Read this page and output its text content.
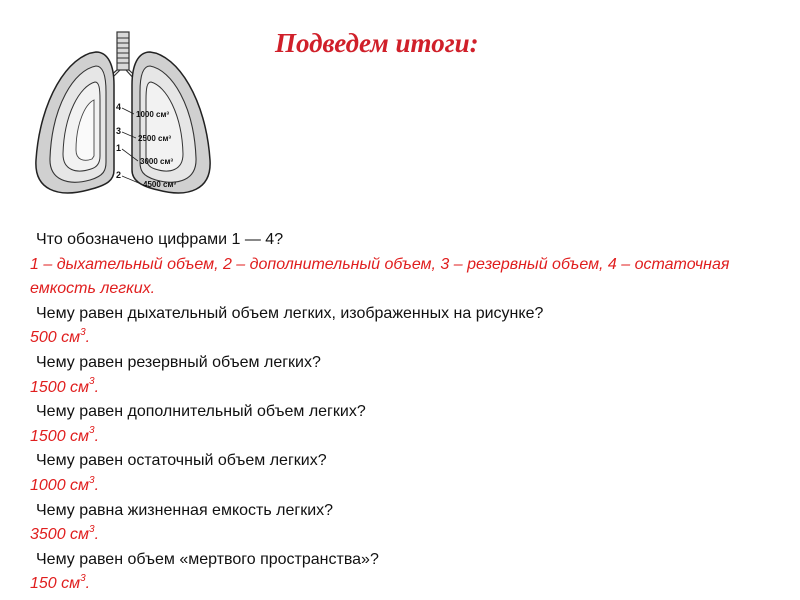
Подведем итоги:
4
3
1
2
1000 см³
2500 см³
3000 см³
4500 см³
Что обозначено цифрами 1 — 4?
1 – дыхательный объем, 2 – дополнительный объем, 3 – резервный объем, 4 – остаточная емкость легких.
Чему равен дыхательный объем легких, изображенных на рисунке?
500 $см^3$.
Чему равен резервный объем легких?
1500 $см^3$.
Чему равен дополнительный объем легких?
1500 $см^3$.
Чему равен остаточный объем легких?
1000 $см^3$.
Чему равна жизненная емкость легких?
3500 $см^3$.
Чему равен объем «мертвого пространства»?
150 $см^3$.
